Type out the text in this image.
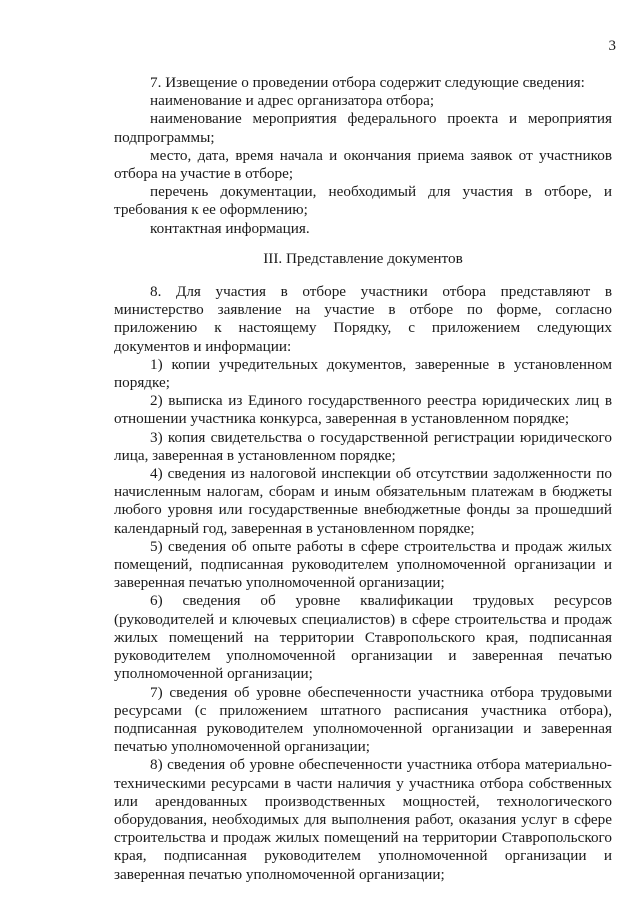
3

7. Извещение о проведении отбора содержит следующие сведения:

наименование и адрес организатора отбора;

наименование мероприятия федерального проекта и мероприятия подпрограммы;

место, дата, время начала и окончания приема заявок от участников отбора на участие в отборе;

перечень документации, необходимый для участия в отборе, и требования к ее оформлению;

контактная информация.

III. Представление документов

8. Для участия в отборе участники отбора представляют в министерство заявление на участие в отборе по форме, согласно приложению к настоящему Порядку, с приложением следующих документов и информации:

1) копии учредительных документов, заверенные в установленном порядке;

2) выписка из Единого государственного реестра юридических лиц в отношении участника конкурса, заверенная в установленном порядке;

3) копия свидетельства о государственной регистрации юридического лица, заверенная в установленном порядке;

4) сведения из налоговой инспекции об отсутствии задолженности по начисленным налогам, сборам и иным обязательным платежам в бюджеты любого уровня или государственные внебюджетные фонды за прошедший календарный год, заверенная в установленном порядке;

5) сведения об опыте работы в сфере строительства и продаж жилых помещений, подписанная руководителем уполномоченной организации и заверенная печатью уполномоченной организации;

6) сведения об уровне квалификации трудовых ресурсов (руководителей и ключевых специалистов) в сфере строительства и продаж жилых помещений на территории Ставропольского края, подписанная руководителем уполномоченной организации и заверенная печатью уполномоченной организации;

7) сведения об уровне обеспеченности участника отбора трудовыми ресурсами (с приложением штатного расписания участника отбора), подписанная руководителем уполномоченной организации и заверенная печатью уполномоченной организации;

8) сведения об уровне обеспеченности участника отбора материально-техническими ресурсами в части наличия у участника отбора собственных или арендованных производственных мощностей, технологического оборудования, необходимых для выполнения работ, оказания услуг в сфере строительства и продаж жилых помещений на территории Ставропольского края, подписанная руководителем уполномоченной организации и заверенная печатью уполномоченной организации;
